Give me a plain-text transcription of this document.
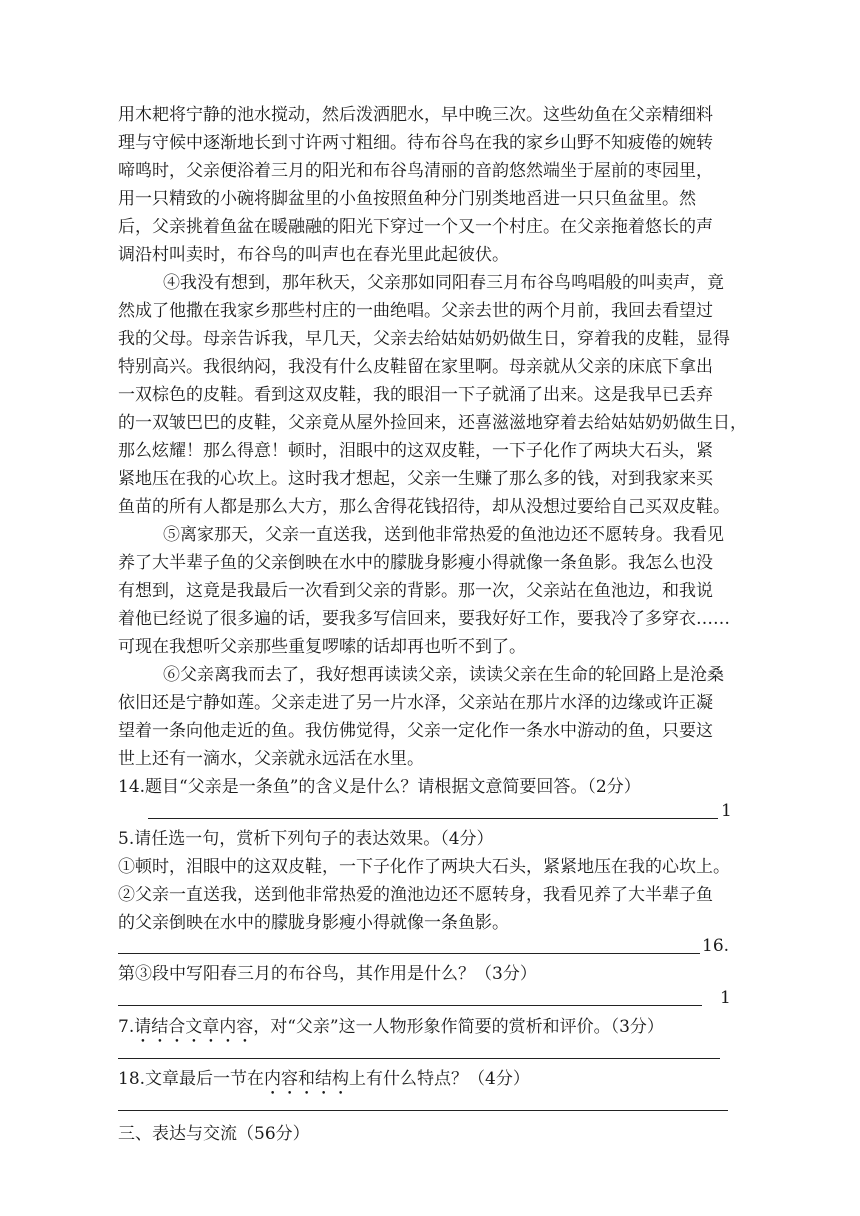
用木耙将宁静的池水搅动，然后泼洒肥水，早中晚三次。这些幼鱼在父亲精细料
理与守候中逐渐地长到寸许两寸粗细。待布谷鸟在我的家乡山野不知疲倦的婉转
啼鸣时，父亲便浴着三月的阳光和布谷鸟清丽的音韵悠然端坐于屋前的枣园里，
用一只精致的小碗将脚盆里的小鱼按照鱼种分门别类地舀进一只只鱼盆里。然
后，父亲挑着鱼盆在暖融融的阳光下穿过一个又一个村庄。在父亲拖着悠长的声
调沿村叫卖时，布谷鸟的叫声也在春光里此起彼伏。
④我没有想到，那年秋天，父亲那如同阳春三月布谷鸟鸣唱般的叫卖声，竟
然成了他撒在我家乡那些村庄的一曲绝唱。父亲去世的两个月前，我回去看望过
我的父母。母亲告诉我，早几天，父亲去给姑姑奶奶做生日，穿着我的皮鞋，显得
特别高兴。我很纳闷，我没有什么皮鞋留在家里啊。母亲就从父亲的床底下拿出
一双棕色的皮鞋。看到这双皮鞋，我的眼泪一下子就涌了出来。这是我早已丢弃
的一双皱巴巴的皮鞋，父亲竟从屋外捡回来，还喜滋滋地穿着去给姑姑奶奶做生日，
那么炫耀！那么得意！顿时，泪眼中的这双皮鞋，一下子化作了两块大石头，紧
紧地压在我的心坎上。这时我才想起，父亲一生赚了那么多的钱，对到我家来买
鱼苗的所有人都是那么大方，那么舍得花钱招待，却从没想过要给自己买双皮鞋。
⑤离家那天，父亲一直送我，送到他非常热爱的鱼池边还不愿转身。我看见
养了大半辈子鱼的父亲倒映在水中的朦胧身影瘦小得就像一条鱼影。我怎么也没
有想到，这竟是我最后一次看到父亲的背影。那一次，父亲站在鱼池边，和我说
着他已经说了很多遍的话，要我多写信回来，要我好好工作，要我冷了多穿衣……
可现在我想听父亲那些重复啰嗦的话却再也听不到了。
⑥父亲离我而去了，我好想再读读父亲，读读父亲在生命的轮回路上是沧桑
依旧还是宁静如莲。父亲走进了另一片水泽，父亲站在那片水泽的边缘或许正凝
望着一条向他走近的鱼。我仿佛觉得，父亲一定化作一条水中游动的鱼，只要这
世上还有一滴水，父亲就永远活在水里。
14.题目“父亲是一条鱼”的含义是什么？请根据文意简要回答。（2分）
1
5.请任选一句，赏析下列句子的表达效果。（4分）
①顿时，泪眼中的这双皮鞋，一下子化作了两块大石头，紧紧地压在我的心坎上。
②父亲一直送我，送到他非常热爱的渔池边还不愿转身，我看见养了大半辈子鱼
的父亲倒映在水中的朦胧身影瘦小得就像一条鱼影。
16.
第③段中写阳春三月的布谷鸟，其作用是什么？（3分）
1
7.请结合文章内容，对“父亲”这一人物形象作简要的赏析和评价。（3分）
18.文章最后一节在内容和结构上有什么特点？（4分）
三、表达与交流（56分）
